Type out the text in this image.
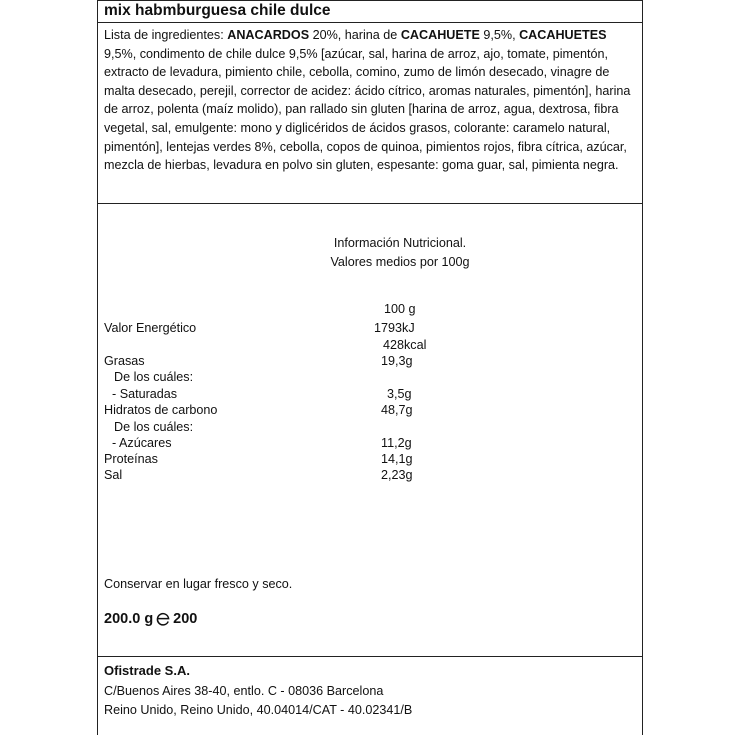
mix habmburguesa chile dulce

Lista de ingredientes: ANACARDOS 20%, harina de CACAHUETE 9,5%, CACAHUETES 9,5%, condimento de chile dulce 9,5% [azúcar, sal, harina de arroz, ajo, tomate, pimentón, extracto de levadura, pimiento chile, cebolla, comino, zumo de limón desecado, vinagre de malta desecado, perejil, corrector de acidez: ácido cítrico, aromas naturales, pimentón], harina de arroz, polenta (maíz molido), pan rallado sin gluten [harina de arroz, agua, dextrosa, fibra vegetal, sal, emulgente: mono y diglicéridos de ácidos grasos, colorante: caramelo natural, pimentón], lentejas verdes 8%, cebolla, copos de quinoa, pimientos rojos, fibra cítrica, azúcar, mezcla de hierbas, levadura en polvo sin gluten, espesante: goma guar, sal, pimienta negra.

Información Nutricional.
Valores medios por 100g
100 g
Valor Energético	1793kJ
428kcal
Grasas	19,3g
De los cuáles:
- Saturadas	3,5g
Hidratos de carbono	48,7g
De los cuáles:
- Azúcares	11,2g
Proteínas	14,1g
Sal	2,23g
Conservar en lugar fresco y seco.
200.0 g 200
Ofistrade S.A.
C/Buenos Aires 38-40, entlo. C - 08036 Barcelona
Reino Unido, Reino Unido, 40.04014/CAT - 40.02341/B
